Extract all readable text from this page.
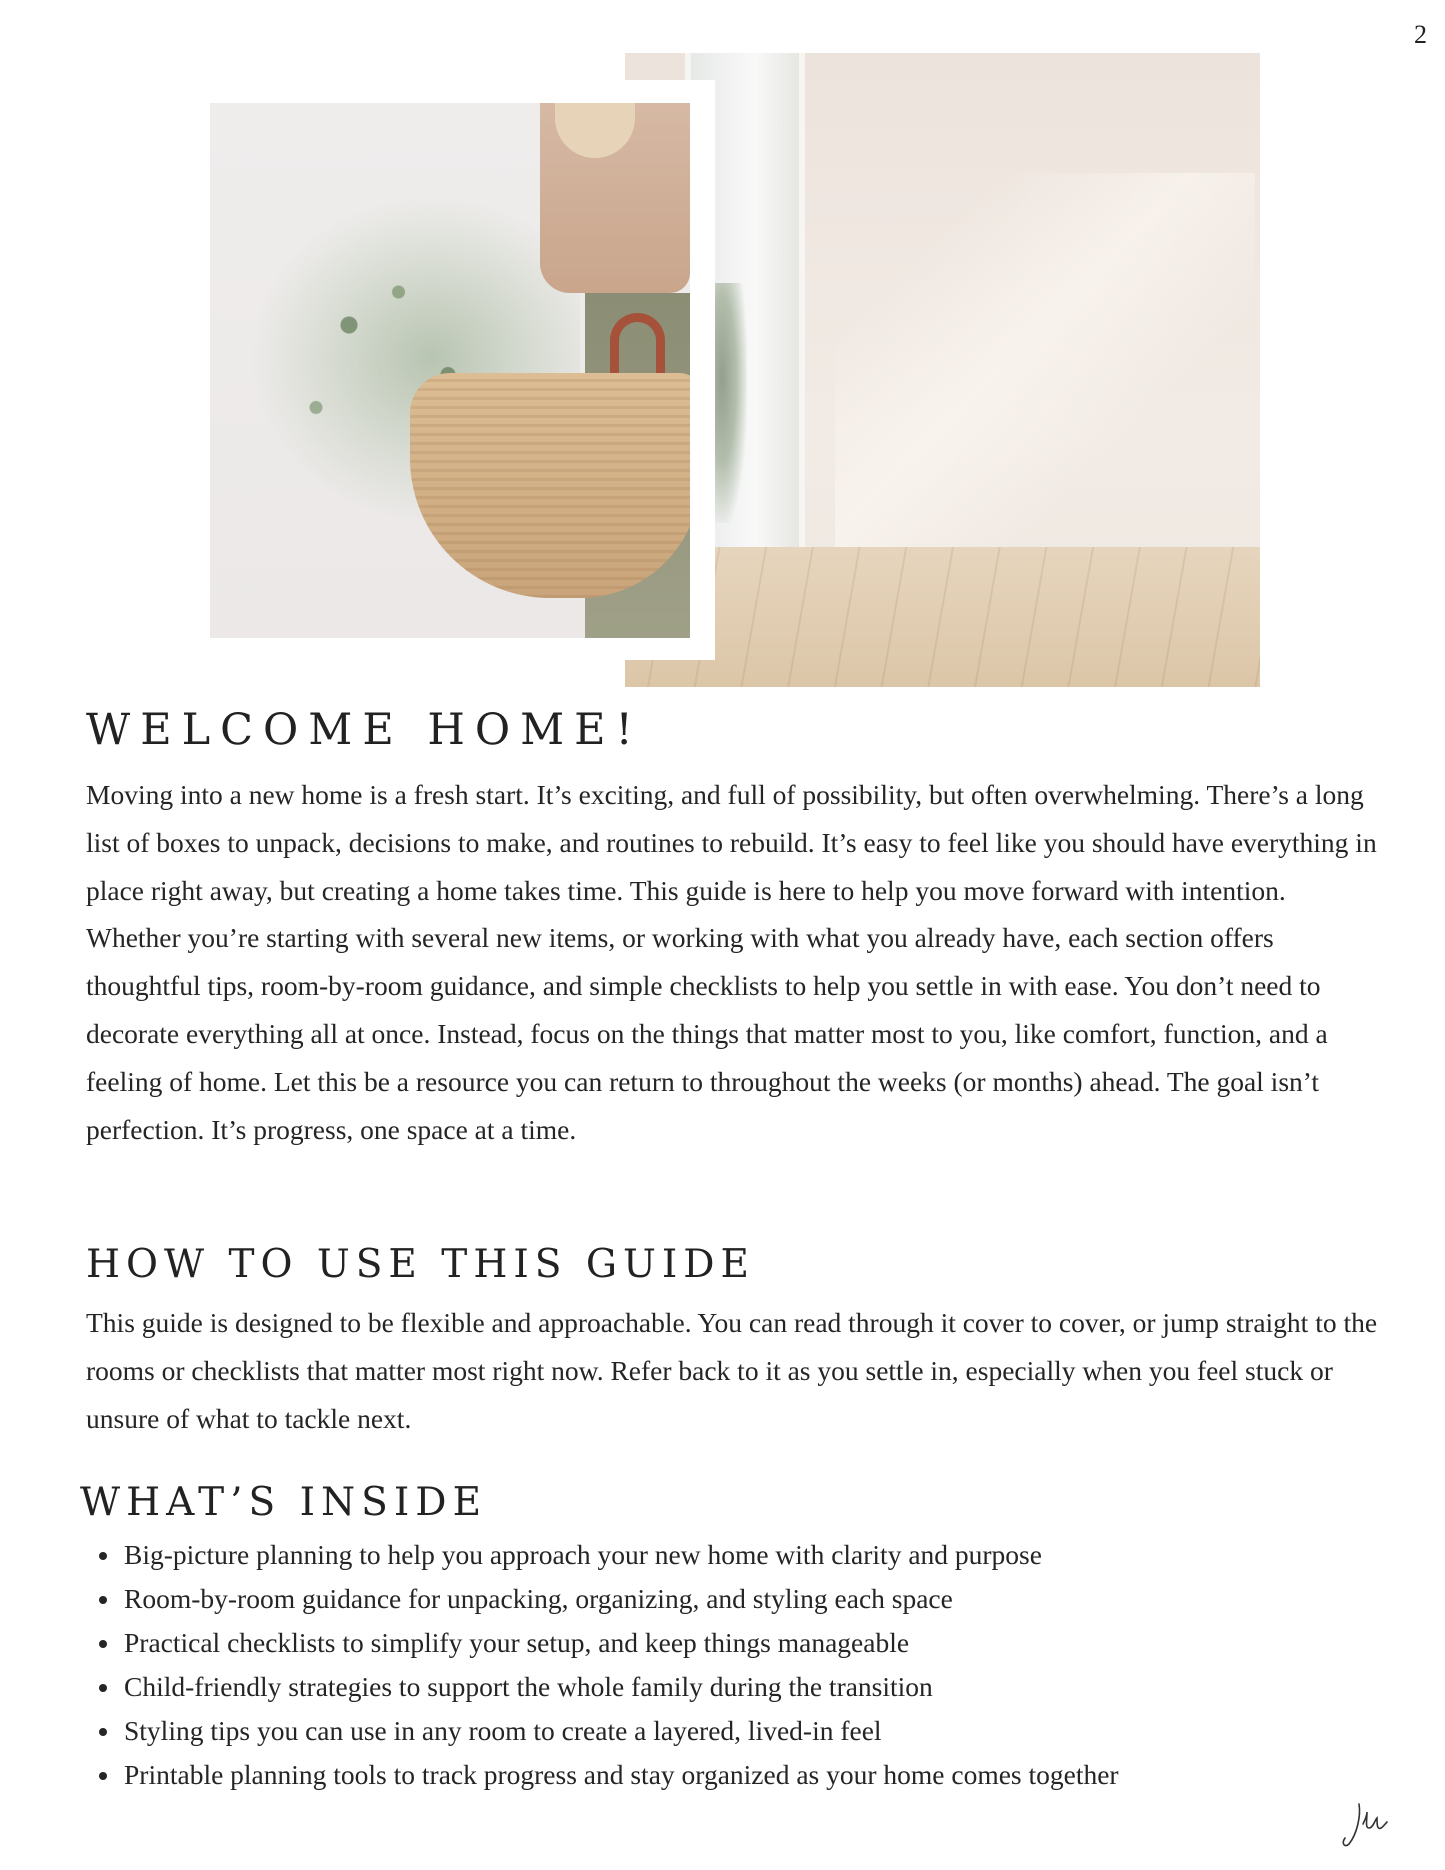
2
WELCOME HOME!

Moving into a new home is a fresh start. It’s exciting, and full of possibility, but often overwhelming. There’s a long list of boxes to unpack, decisions to make, and routines to rebuild. It’s easy to feel like you should have everything in place right away, but creating a home takes time. This guide is here to help you move forward with intention. Whether you’re starting with several new items, or working with what you already have, each section offers thoughtful tips, room-by-room guidance, and simple checklists to help you settle in with ease. You don’t need to decorate everything all at once. Instead, focus on the things that matter most to you, like comfort, function, and a feeling of home. Let this be a resource you can return to throughout the weeks (or months) ahead. The goal isn’t perfection. It’s progress, one space at a time.

HOW TO USE THIS GUIDE

This guide is designed to be flexible and approachable. You can read through it cover to cover, or jump straight to the rooms or checklists that matter most right now. Refer back to it as you settle in, especially when you feel stuck or unsure of what to tackle next.

WHAT’S INSIDE
• Big-picture planning to help you approach your new home with clarity and purpose
• Room-by-room guidance for unpacking, organizing, and styling each space
• Practical checklists to simplify your setup, and keep things manageable
• Child-friendly strategies to support the whole family during the transition
• Styling tips you can use in any room to create a layered, lived-in feel
• Printable planning tools to track progress and stay organized as your home comes together
